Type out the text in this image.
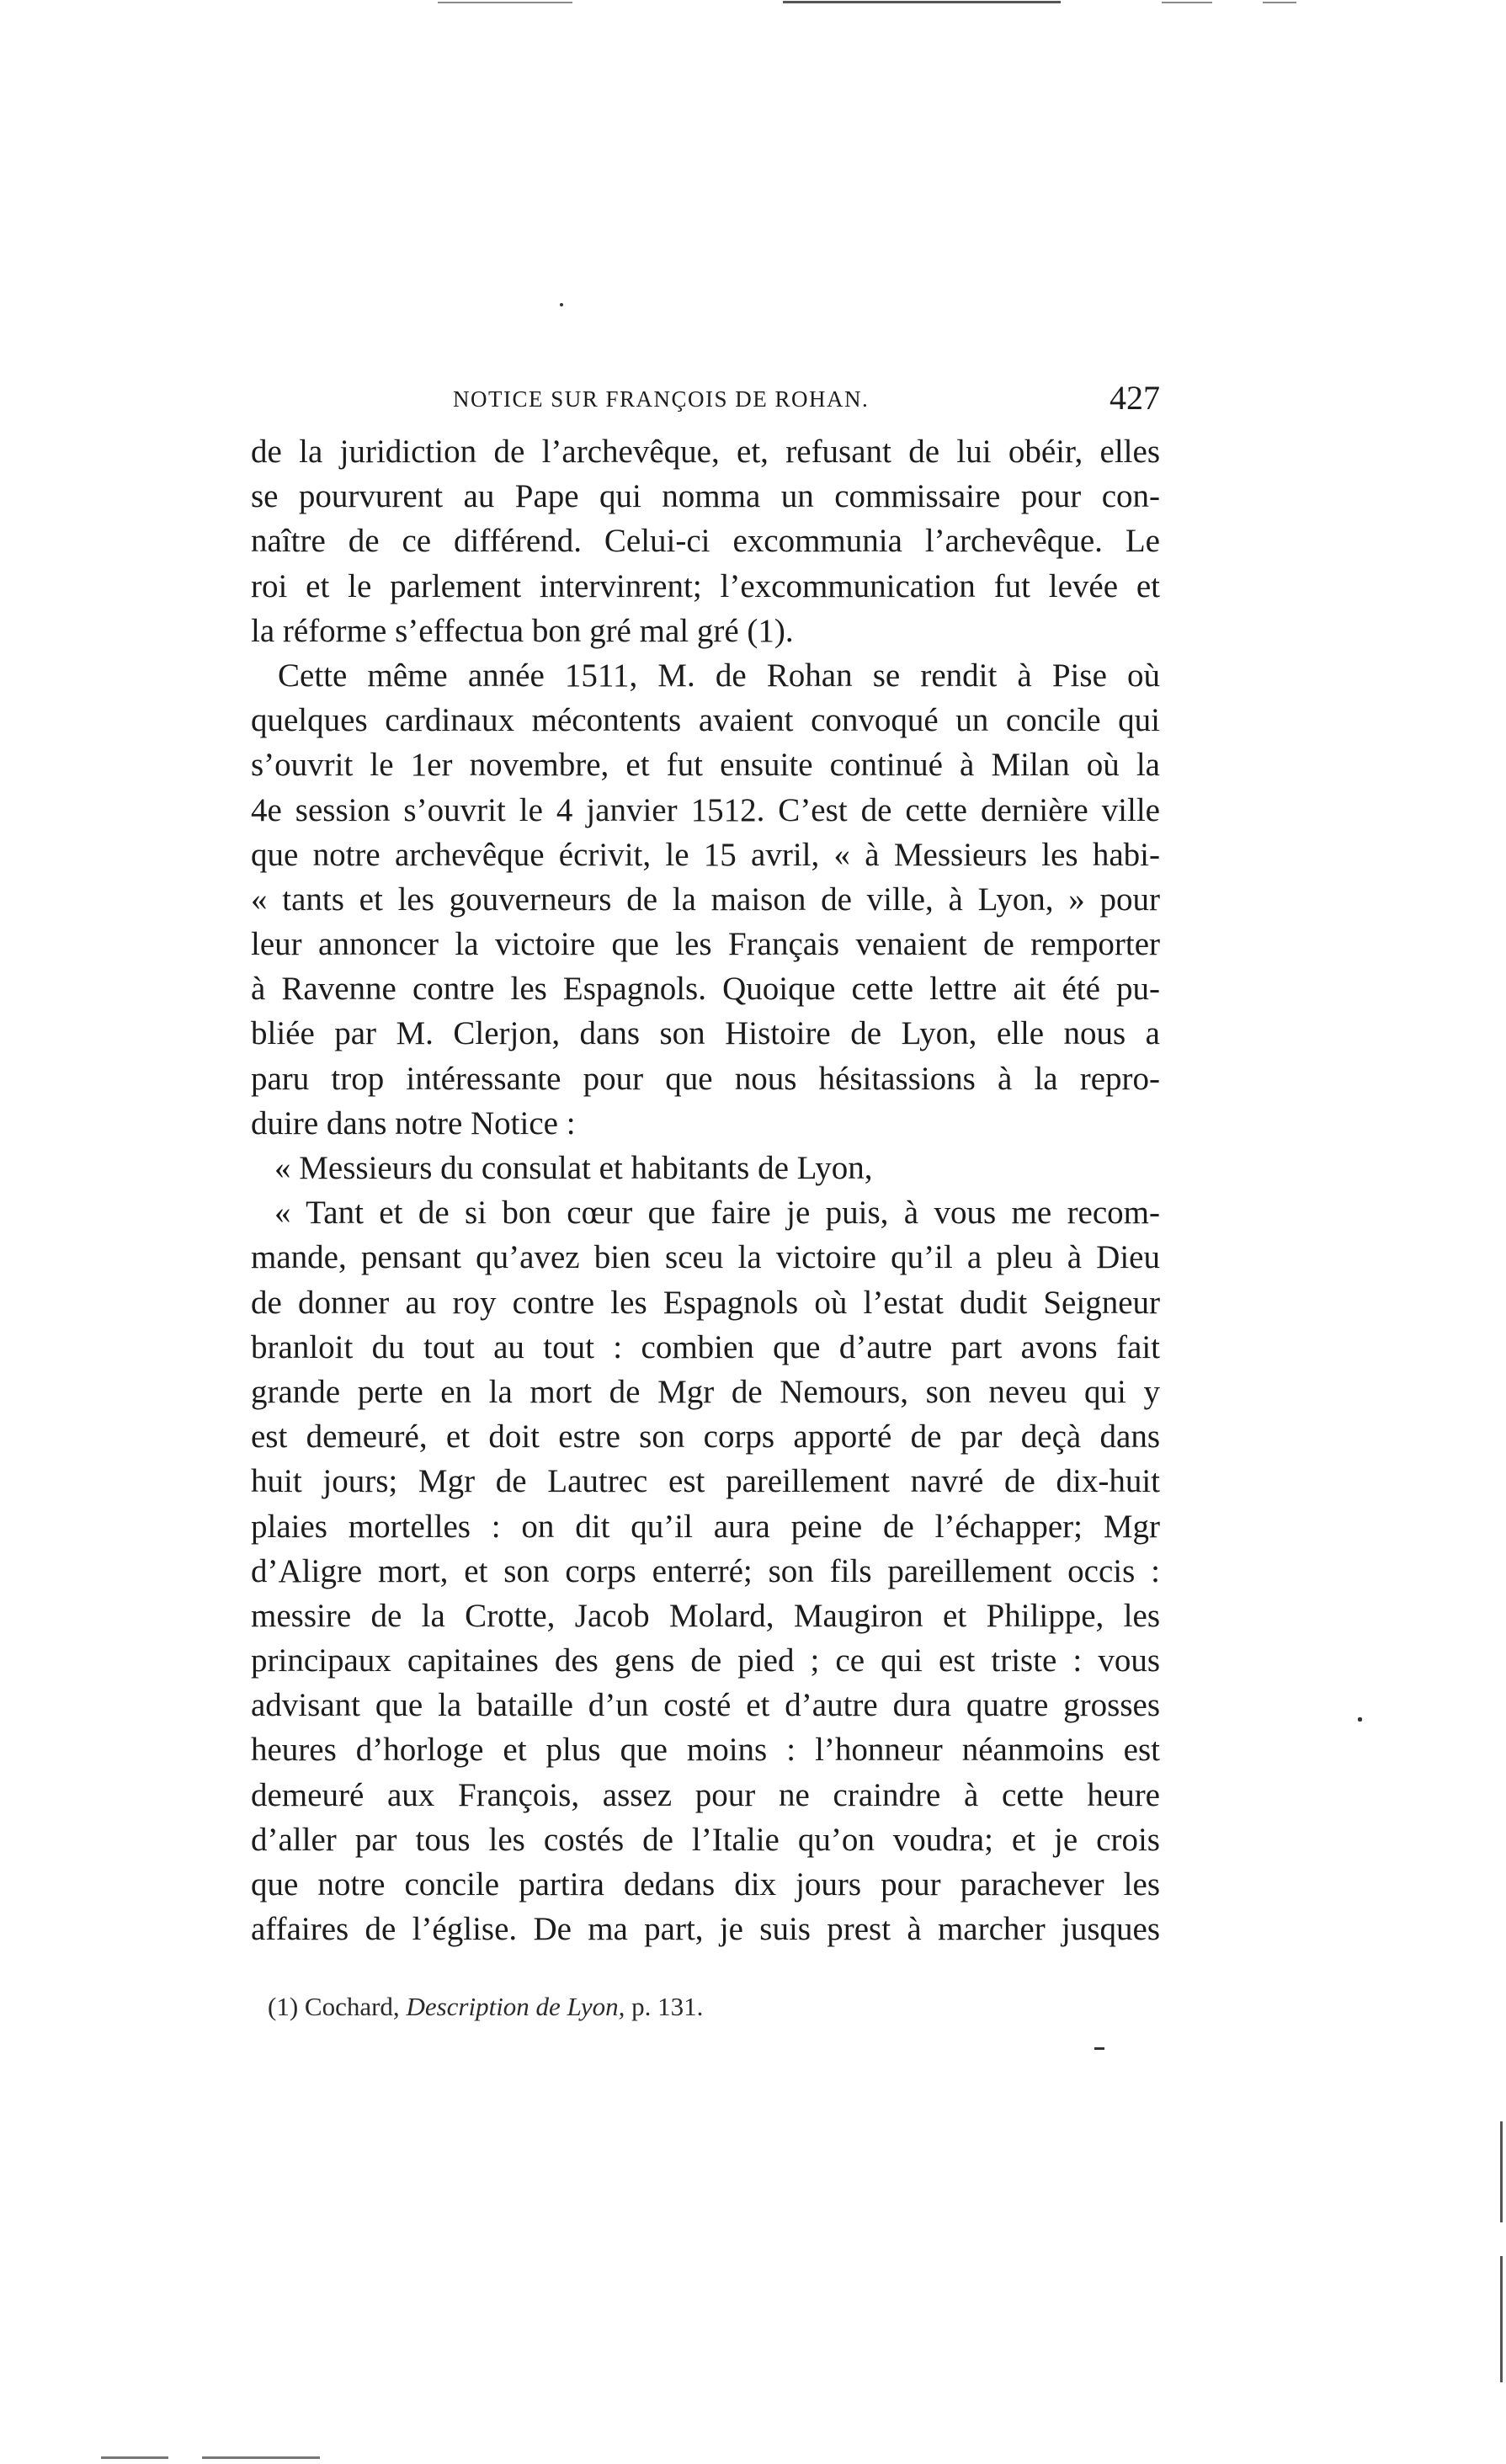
NOTICE SUR FRANÇOIS DE ROHAN.	427
de la juridiction de l’archevêque, et, refusant de lui obéir, elles
se pourvurent au Pape qui nomma un commissaire pour con-
naître de ce différend. Celui-ci excommunia l’archevêque. Le
roi et le parlement intervinrent; l’excommunication fut levée et
la réforme s’effectua bon gré mal gré (1).
Cette même année 1511, M. de Rohan se rendit à Pise où
quelques cardinaux mécontents avaient convoqué un concile qui
s’ouvrit le 1er novembre, et fut ensuite continué à Milan où la
4e session s’ouvrit le 4 janvier 1512. C’est de cette dernière ville
que notre archevêque écrivit, le 15 avril, « à Messieurs les habi-
« tants et les gouverneurs de la maison de ville, à Lyon, » pour
leur annoncer la victoire que les Français venaient de remporter
à Ravenne contre les Espagnols. Quoique cette lettre ait été pu-
bliée par M. Clerjon, dans son Histoire de Lyon, elle nous a
paru trop intéressante pour que nous hésitassions à la repro-
duire dans notre Notice :
« Messieurs du consulat et habitants de Lyon,
« Tant et de si bon cœur que faire je puis, à vous me recom-
mande, pensant qu’avez bien sceu la victoire qu’il a pleu à Dieu
de donner au roy contre les Espagnols où l’estat dudit Seigneur
branloit du tout au tout : combien que d’autre part avons fait
grande perte en la mort de Mgr de Nemours, son neveu qui y
est demeuré, et doit estre son corps apporté de par deçà dans
huit jours; Mgr de Lautrec est pareillement navré de dix-huit
plaies mortelles : on dit qu’il aura peine de l’échapper; Mgr
d’Aligre mort, et son corps enterré; son fils pareillement occis :
messire de la Crotte, Jacob Molard, Maugiron et Philippe, les
principaux capitaines des gens de pied ; ce qui est triste : vous
advisant que la bataille d’un costé et d’autre dura quatre grosses
heures d’horloge et plus que moins : l’honneur néanmoins est
demeuré aux François, assez pour ne craindre à cette heure
d’aller par tous les costés de l’Italie qu’on voudra; et je crois
que notre concile partira dedans dix jours pour parachever les
affaires de l’église. De ma part, je suis prest à marcher jusques
(1) Cochard, Description de Lyon, p. 131.
